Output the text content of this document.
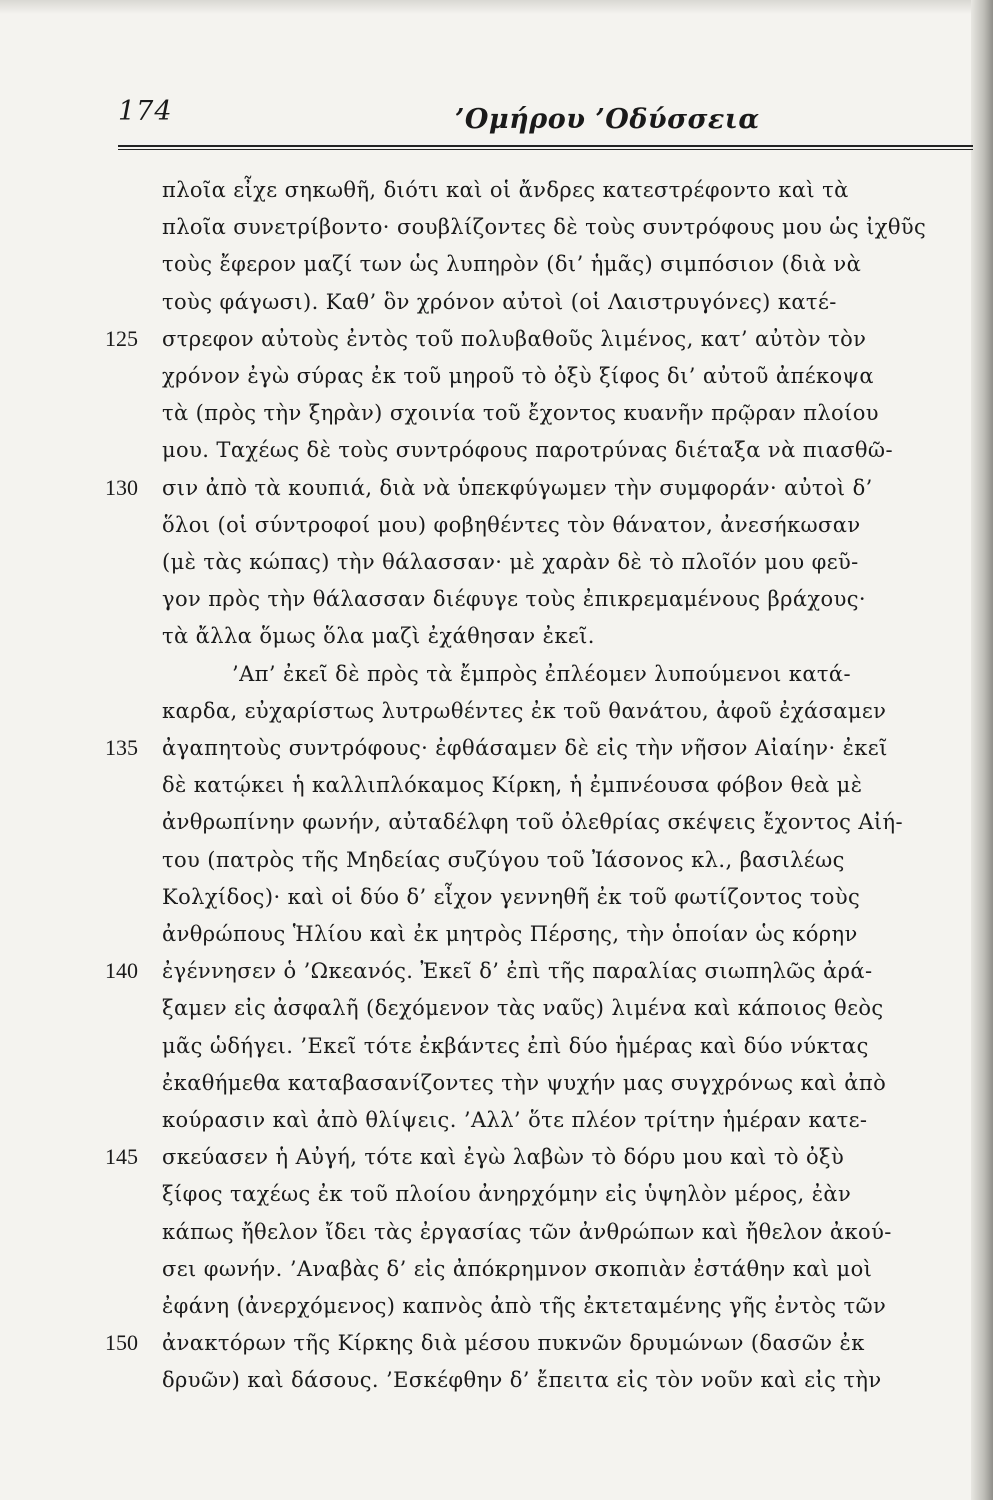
174	’Ομήρου ’Οδύσσεια
πλοῖα εἶχε σηκωθῆ, διότι καὶ οἱ ἄνδρες κατεστρέφοντο καὶ τὰ
πλοῖα συνετρίβοντο· σουβλίζοντες δὲ τοὺς συντρόφους μου ὡς ἰχθῦς
τοὺς ἔφερον μαζί των ὡς λυπηρὸν (δι’ ἡμᾶς) σιμπόσιον (διὰ νὰ
τοὺς φάγωσι). Καθ’ ὃν χρόνον αὐτοὶ (οἱ Λαιστρυγόνες) κατέ-
στρεφον αὐτοὺς ἐντὸς τοῦ πολυβαθοῦς λιμένος, κατ’ αὐτὸν τὸν
125
χρόνον ἐγὼ σύρας ἐκ τοῦ μηροῦ τὸ ὀξὺ ξίφος δι’ αὐτοῦ ἀπέκοψα
τὰ (πρὸς τὴν ξηρὰν) σχοινία τοῦ ἔχοντος κυανῆν πρῷραν πλοίου
μου. Ταχέως δὲ τοὺς συντρόφους παροτρύνας διέταξα νὰ πιασθῶ-
σιν ἀπὸ τὰ κουπιά, διὰ νὰ ὑπεκφύγωμεν τὴν συμφοράν· αὐτοὶ δ’
130
ὅλοι (οἱ σύντροφοί μου) φοβηθέντες τὸν θάνατον, ἀνεσήκωσαν
(μὲ τὰς κώπας) τὴν θάλασσαν· μὲ χαρὰν δὲ τὸ πλοῖόν μου φεῦ-
γον πρὸς τὴν θάλασσαν διέφυγε τοὺς ἐπικρεμαμένους βράχους·
τὰ ἄλλα ὅμως ὅλα μαζὶ ἐχάθησαν ἐκεῖ.
’Απ’ ἐκεῖ δὲ πρὸς τὰ ἔμπρὸς ἐπλέομεν λυπούμενοι κατά-
καρδα, εὐχαρίστως λυτρωθέντες ἐκ τοῦ θανάτου, ἀφοῦ ἐχάσαμεν
ἀγαπητοὺς συντρόφους· ἐφθάσαμεν δὲ εἰς τὴν νῆσον Αἰαίην· ἐκεῖ
135
δὲ κατῴκει ἡ καλλιπλόκαμος Κίρκη, ἡ ἐμπνέουσα φόβον θεὰ μὲ
ἀνθρωπίνην φωνήν, αὐταδέλφη τοῦ ὀλεθρίας σκέψεις ἔχοντος Αἰή-
του (πατρὸς τῆς Μηδείας συζύγου τοῦ Ἰάσονος κλ., βασιλέως
Κολχίδος)· καὶ οἱ δύο δ’ εἶχον γεννηθῆ ἐκ τοῦ φωτίζοντος τοὺς
ἀνθρώπους Ἡλίου καὶ ἐκ μητρὸς Πέρσης, τὴν ὁποίαν ὡς κόρην
ἐγέννησεν ὁ ’Ωκεανός. Ἐκεῖ δ’ ἐπὶ τῆς παραλίας σιωπηλῶς ἀρά-
140
ξαμεν εἰς ἀσφαλῆ (δεχόμενον τὰς ναῦς) λιμένα καὶ κάποιος θεὸς
μᾶς ὡδήγει. ’Εκεῖ τότε ἐκβάντες ἐπὶ δύο ἡμέρας καὶ δύο νύκτας
ἐκαθήμεθα καταβασανίζοντες τὴν ψυχήν μας συγχρόνως καὶ ἀπὸ
κούρασιν καὶ ἀπὸ θλίψεις. ’Αλλ’ ὅτε πλέον τρίτην ἡμέραν κατε-
σκεύασεν ἡ Αὐγή, τότε καὶ ἐγὼ λαβὼν τὸ δόρυ μου καὶ τὸ ὀξὺ
145
ξίφος ταχέως ἐκ τοῦ πλοίου ἀνηρχόμην εἰς ὑψηλὸν μέρος, ἐὰν
κάπως ἤθελον ἴδει τὰς ἐργασίας τῶν ἀνθρώπων καὶ ἤθελον ἀκού-
σει φωνήν. ’Αναβὰς δ’ εἰς ἀπόκρημνον σκοπιὰν ἐστάθην καὶ μοὶ
ἐφάνη (ἀνερχόμενος) καπνὸς ἀπὸ τῆς ἐκτεταμένης γῆς ἐντὸς τῶν
ἀνακτόρων τῆς Κίρκης διὰ μέσου πυκνῶν δρυμώνων (δασῶν ἐκ
150
δρυῶν) καὶ δάσους. ’Εσκέφθην δ’ ἔπειτα εἰς τὸν νοῦν καὶ εἰς τὴν
